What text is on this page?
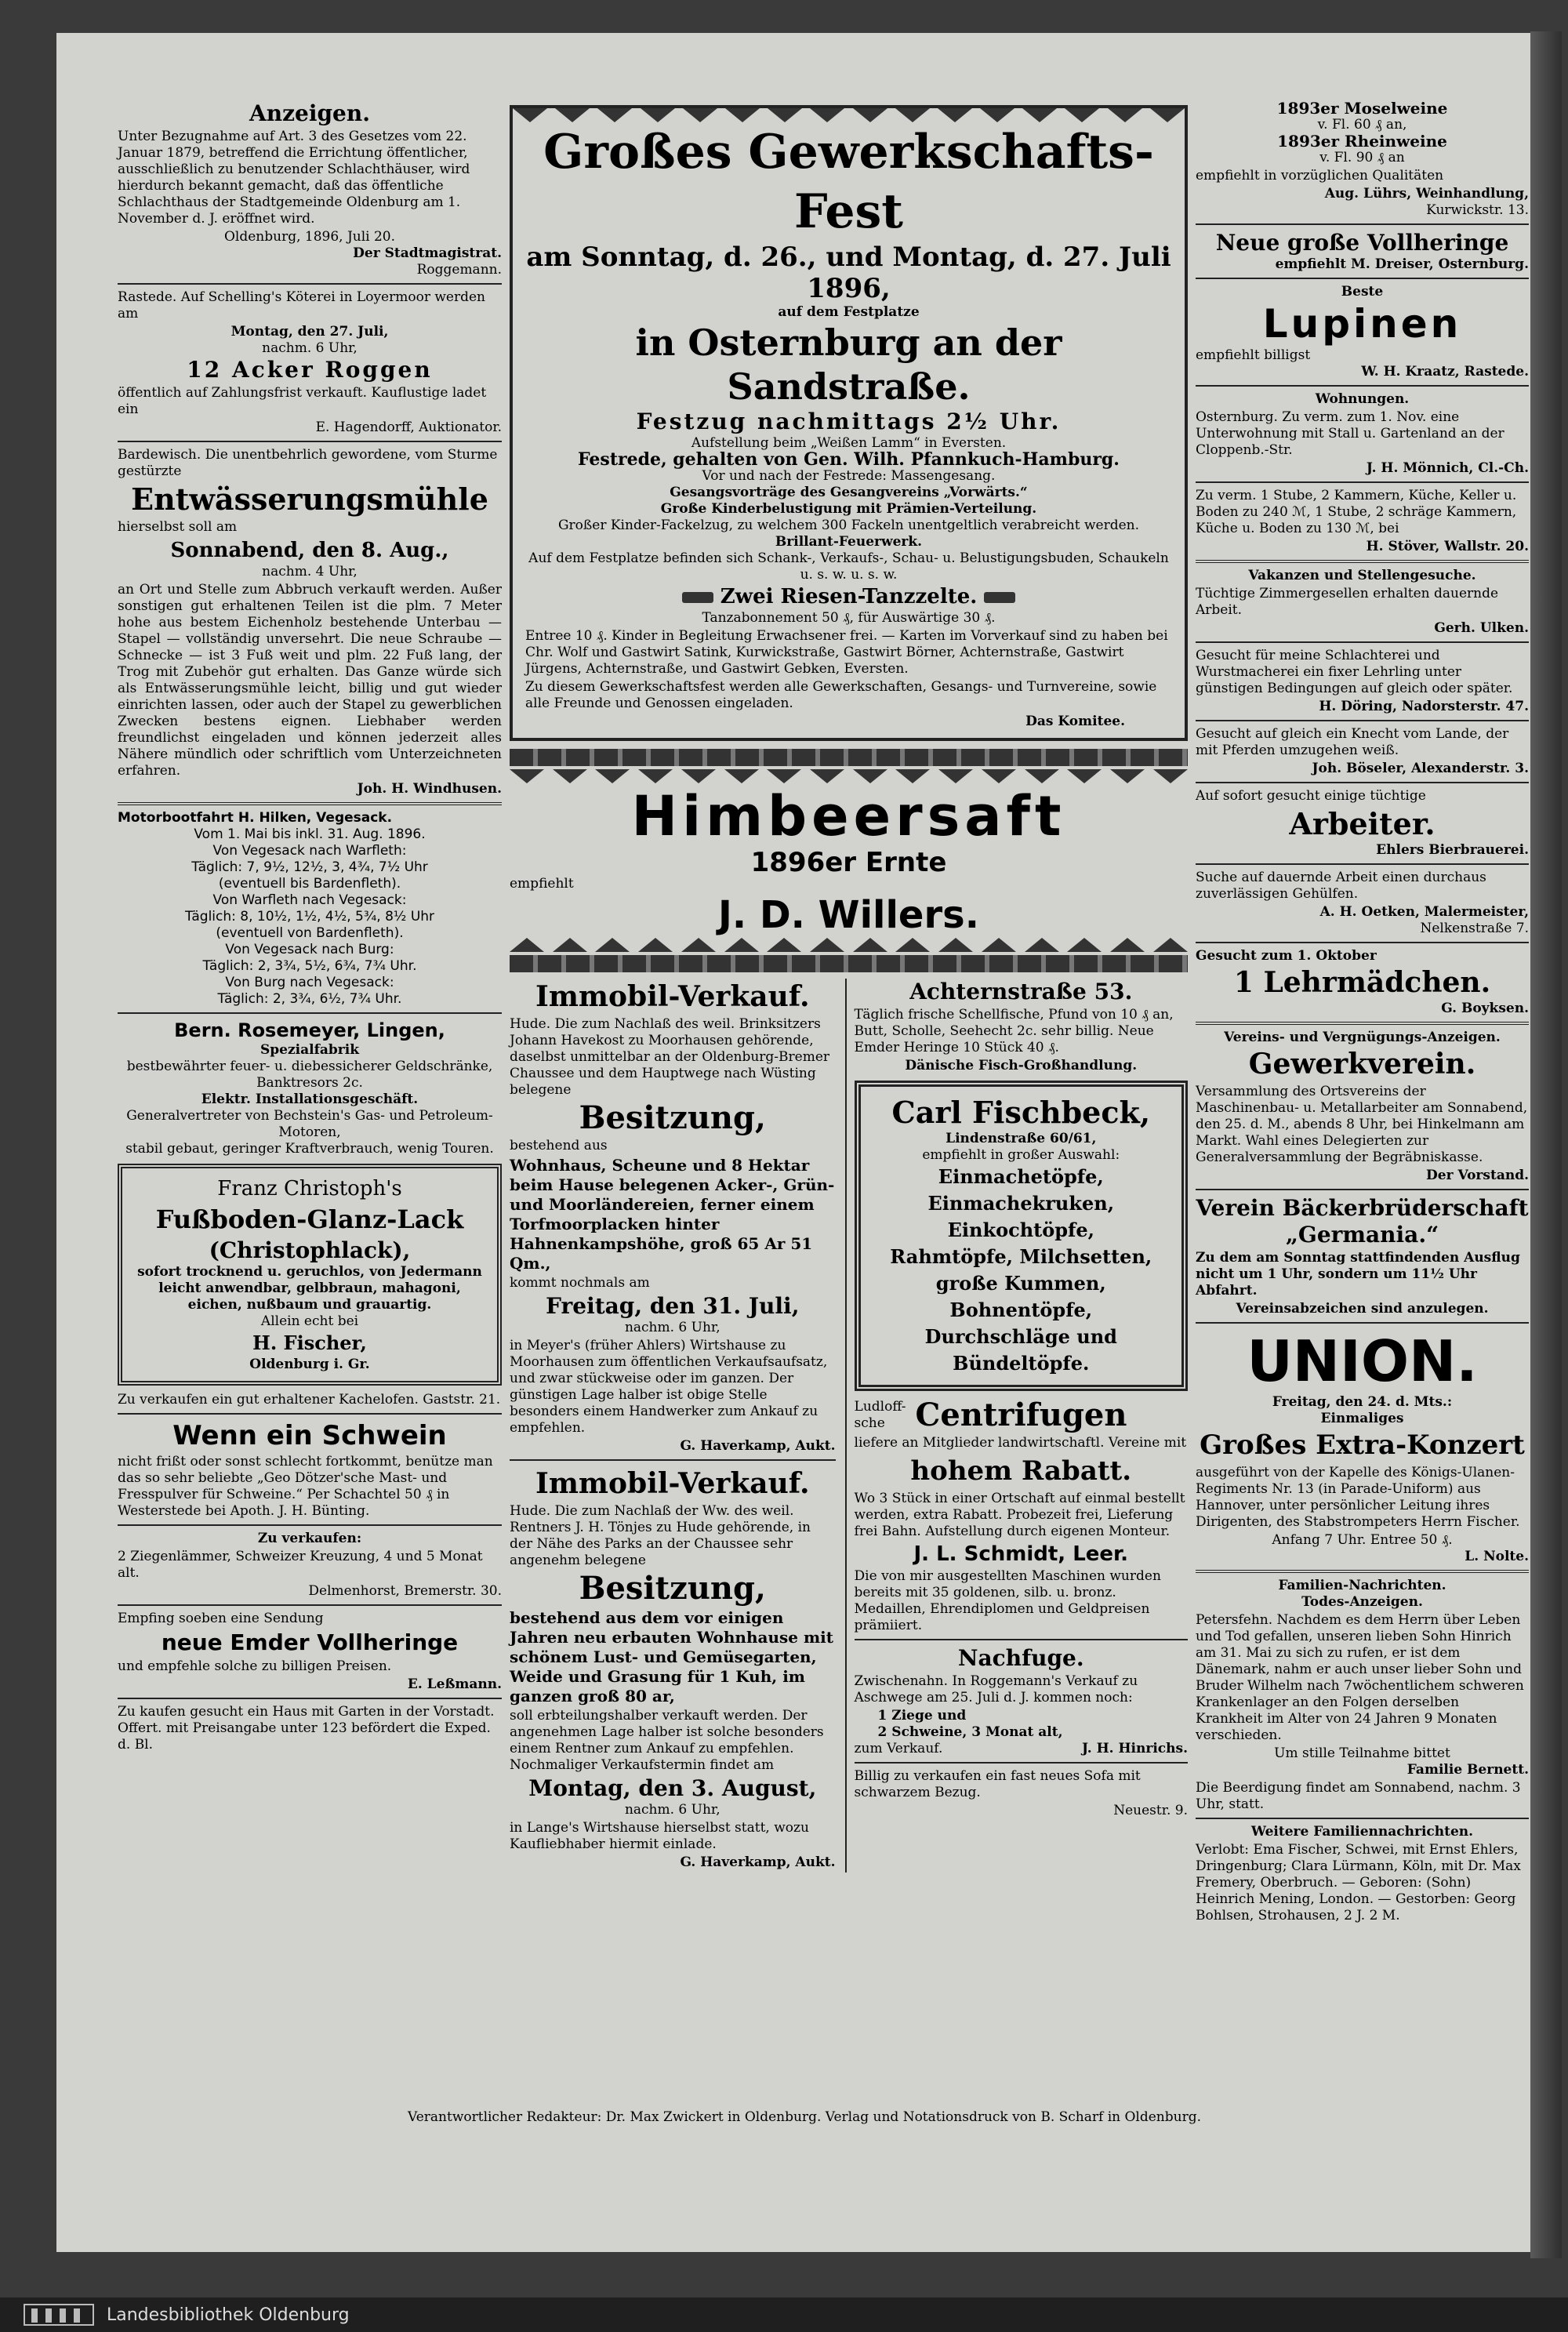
Anzeigen.
Unter Bezugnahme auf Art. 3 des Gesetzes vom 22. Januar 1879, betreffend die Errichtung öffentlicher, ausschließlich zu benutzender Schlachthäuser, wird hierdurch bekannt gemacht, daß das öffentliche Schlachthaus der Stadtgemeinde Oldenburg am 1. November d. J. eröffnet wird.
Oldenburg, 1896, Juli 20.
Der Stadtmagistrat.
Roggemann.
Rastede. Auf Schelling's Köterei in Loyermoor werden am
Montag, den 27. Juli,
nachm. 6 Uhr,
12 Acker Roggen
öffentlich auf Zahlungsfrist verkauft. Kauflustige ladet ein
E. Hagendorff, Auktionator.
Bardewisch. Die unentbehrlich gewordene, vom Sturme gestürzte
Entwässerungsmühle
hierselbst soll am
Sonnabend, den 8. Aug.,
nachm. 4 Uhr,
an Ort und Stelle zum Abbruch verkauft werden. Außer sonstigen gut erhaltenen Teilen ist die plm. 7 Meter hohe aus bestem Eichenholz bestehende Unterbau — Stapel — vollständig unversehrt. Die neue Schraube — Schnecke — ist 3 Fuß weit und plm. 22 Fuß lang, der Trog mit Zubehör gut erhalten. Das Ganze würde sich als Entwässerungsmühle leicht, billig und gut wieder einrichten lassen, oder auch der Stapel zu gewerblichen Zwecken bestens eignen. Liebhaber werden freundlichst eingeladen und können jederzeit alles Nähere mündlich oder schriftlich vom Unterzeichneten erfahren.
Joh. H. Windhusen.
Motorbootfahrt H. Hilken, Vegesack.
Vom 1. Mai bis inkl. 31. Aug. 1896.
Von Vegesack nach Warfleth:
Täglich: 7, 9½, 12½, 3, 4¾, 7½ Uhr
(eventuell bis Bardenfleth).
Von Warfleth nach Vegesack:
Täglich: 8, 10½, 1½, 4½, 5¾, 8½ Uhr
(eventuell von Bardenfleth).
Von Vegesack nach Burg:
Täglich: 2, 3¾, 5½, 6¾, 7¾ Uhr.
Von Burg nach Vegesack:
Täglich: 2, 3¾, 6½, 7¾ Uhr.
Bern. Rosemeyer, Lingen,
Spezialfabrik
bestbewährter feuer- u. diebessicherer Geldschränke, Banktresors 2c.
Elektr. Installationsgeschäft.
Generalvertreter von Bechstein's Gas- und Petroleum-Motoren,
stabil gebaut, geringer Kraftverbrauch, wenig Touren.
Franz Christoph's
Fußboden-Glanz-Lack
(Christophlack),
sofort trocknend u. geruchlos, von Jedermann leicht anwendbar, gelbbraun, mahagoni, eichen, nußbaum und grauartig.
Allein echt bei
H. Fischer,
Oldenburg i. Gr.
Zu verkaufen ein gut erhaltener Kachelofen. Gaststr. 21.
Wenn ein Schwein
nicht frißt oder sonst schlecht fortkommt, benütze man das so sehr beliebte „Geo Dötzer'sche Mast- und Fresspulver für Schweine.“ Per Schachtel 50 ₰ in Westerstede bei Apoth. J. H. Bünting.
Zu verkaufen:
2 Ziegenlämmer, Schweizer Kreuzung, 4 und 5 Monat alt.
Delmenhorst, Bremerstr. 30.
Empfing soeben eine Sendung
neue Emder Vollheringe
und empfehle solche zu billigen Preisen.
E. Leßmann.
Zu kaufen gesucht ein Haus mit Garten in der Vorstadt. Offert. mit Preisangabe unter 123 befördert die Exped. d. Bl.
Großes Gewerkschafts-Fest
am Sonntag, d. 26., und Montag, d. 27. Juli 1896,
auf dem Festplatze
in Osternburg an der Sandstraße.
Festzug nachmittags 2½ Uhr.
Aufstellung beim „Weißen Lamm“ in Eversten.
Festrede, gehalten von Gen. Wilh. Pfannkuch-Hamburg.
Vor und nach der Festrede: Massengesang.
Gesangsvorträge des Gesangvereins „Vorwärts.“
Große Kinderbelustigung mit Prämien-Verteilung.
Großer Kinder-Fackelzug, zu welchem 300 Fackeln unentgeltlich verabreicht werden.
Brillant-Feuerwerk.
Auf dem Festplatze befinden sich Schank-, Verkaufs-, Schau- u. Belustigungsbuden, Schaukeln u. s. w. u. s. w.
Zwei Riesen-Tanzzelte.
Tanzabonnement 50 ₰, für Auswärtige 30 ₰.
Entree 10 ₰. Kinder in Begleitung Erwachsener frei. — Karten im Vorverkauf sind zu haben bei Chr. Wolf und Gastwirt Satink, Kurwickstraße, Gastwirt Börner, Achternstraße, Gastwirt Jürgens, Achternstraße, und Gastwirt Gebken, Eversten.
Zu diesem Gewerkschaftsfest werden alle Gewerkschaften, Gesangs- und Turnvereine, sowie alle Freunde und Genossen eingeladen.
Das Komitee.
Himbeersaft
1896er Ernte
empfiehlt
J. D. Willers.
Immobil-Verkauf.
Hude. Die zum Nachlaß des weil. Brinksitzers Johann Havekost zu Moorhausen gehörende, daselbst unmittelbar an der Oldenburg-Bremer Chaussee und dem Hauptwege nach Wüsting belegene
Besitzung,
bestehend aus
Wohnhaus, Scheune und 8 Hektar beim Hause belegenen Acker-, Grün- und Moorländereien, ferner einem Torfmoorplacken hinter Hahnenkampshöhe, groß 65 Ar 51 Qm.,
kommt nochmals am
Freitag, den 31. Juli,
nachm. 6 Uhr,
in Meyer's (früher Ahlers) Wirtshause zu Moorhausen zum öffentlichen Verkaufsaufsatz, und zwar stückweise oder im ganzen. Der günstigen Lage halber ist obige Stelle besonders einem Handwerker zum Ankauf zu empfehlen.
G. Haverkamp, Aukt.
Immobil-Verkauf.
Hude. Die zum Nachlaß der Ww. des weil. Rentners J. H. Tönjes zu Hude gehörende, in der Nähe des Parks an der Chaussee sehr angenehm belegene
Besitzung,
bestehend aus dem vor einigen Jahren neu erbauten Wohnhause mit schönem Lust- und Gemüsegarten, Weide und Grasung für 1 Kuh, im ganzen groß 80 ar,
soll erbteilungshalber verkauft werden. Der angenehmen Lage halber ist solche besonders einem Rentner zum Ankauf zu empfehlen. Nochmaliger Verkaufstermin findet am
Montag, den 3. August,
nachm. 6 Uhr,
in Lange's Wirtshause hierselbst statt, wozu Kaufliebhaber hiermit einlade.
G. Haverkamp, Aukt.
Achternstraße 53.
Täglich frische Schellfische, Pfund von 10 ₰ an, Butt, Scholle, Seehecht 2c. sehr billig. Neue Emder Heringe 10 Stück 40 ₰.
Dänische Fisch-Großhandlung.
Carl Fischbeck,
Lindenstraße 60/61,
empfiehlt in großer Auswahl:
Einmachetöpfe,
Einmachekruken,
Einkochtöpfe,
Rahmtöpfe, Milchsetten,
große Kummen,
Bohnentöpfe,
Durchschläge und
Bündeltöpfe.
Ludloff-sche Centrifugen
liefere an Mitglieder landwirtschaftl. Vereine mit
hohem Rabatt.
Wo 3 Stück in einer Ortschaft auf einmal bestellt werden, extra Rabatt. Probezeit frei, Lieferung frei Bahn. Aufstellung durch eigenen Monteur.
J. L. Schmidt, Leer.
Die von mir ausgestellten Maschinen wurden bereits mit 35 goldenen, silb. u. bronz. Medaillen, Ehrendiplomen und Geldpreisen prämiiert.
Nachfuge.
Zwischenahn. In Roggemann's Verkauf zu Aschwege am 25. Juli d. J. kommen noch:
1 Ziege und
2 Schweine, 3 Monat alt,
zum Verkauf.	J. H. Hinrichs.
Billig zu verkaufen ein fast neues Sofa mit schwarzem Bezug.
Neuestr. 9.
1893er Moselweine
v. Fl. 60 ₰ an,
1893er Rheinweine
v. Fl. 90 ₰ an
empfiehlt in vorzüglichen Qualitäten
Aug. Lührs, Weinhandlung,
Kurwickstr. 13.
Neue große Vollheringe
empfiehlt M. Dreiser, Osternburg.
Beste
Lupinen
empfiehlt billigst
W. H. Kraatz, Rastede.
Wohnungen.
Osternburg. Zu verm. zum 1. Nov. eine Unterwohnung mit Stall u. Gartenland an der Cloppenb.-Str.
J. H. Mönnich, Cl.-Ch.
Zu verm. 1 Stube, 2 Kammern, Küche, Keller u. Boden zu 240 ℳ, 1 Stube, 2 schräge Kammern, Küche u. Boden zu 130 ℳ, bei
H. Stöver, Wallstr. 20.
Vakanzen und Stellengesuche.
Tüchtige Zimmergesellen erhalten dauernde Arbeit.
Gerh. Ulken.
Gesucht für meine Schlachterei und Wurstmacherei ein fixer Lehrling unter günstigen Bedingungen auf gleich oder später.
H. Döring, Nadorsterstr. 47.
Gesucht auf gleich ein Knecht vom Lande, der mit Pferden umzugehen weiß.
Joh. Böseler, Alexanderstr. 3.
Auf sofort gesucht einige tüchtige
Arbeiter.
Ehlers Bierbrauerei.
Suche auf dauernde Arbeit einen durchaus zuverlässigen Gehülfen.
A. H. Oetken, Malermeister,
Nelkenstraße 7.
Gesucht zum 1. Oktober
1 Lehrmädchen.
G. Boyksen.
Vereins- und Vergnügungs-Anzeigen.
Gewerkverein.
Versammlung des Ortsvereins der Maschinenbau- u. Metallarbeiter am Sonnabend, den 25. d. M., abends 8 Uhr, bei Hinkelmann am Markt. Wahl eines Delegierten zur Generalversammlung der Begräbniskasse.
Der Vorstand.
Verein Bäckerbrüderschaft
„Germania.“
Zu dem am Sonntag stattfindenden Ausflug nicht um 1 Uhr, sondern um 11½ Uhr Abfahrt.
Vereinsabzeichen sind anzulegen.
UNION.
Freitag, den 24. d. Mts.:
Einmaliges
Großes Extra-Konzert
ausgeführt von der Kapelle des Königs-Ulanen-Regiments Nr. 13 (in Parade-Uniform) aus Hannover, unter persönlicher Leitung ihres Dirigenten, des Stabstrompeters Herrn Fischer.
Anfang 7 Uhr. Entree 50 ₰.
L. Nolte.
Familien-Nachrichten.
Todes-Anzeigen.
Petersfehn. Nachdem es dem Herrn über Leben und Tod gefallen, unseren lieben Sohn Hinrich am 31. Mai zu sich zu rufen, er ist dem Dänemark, nahm er auch unser lieber Sohn und Bruder Wilhelm nach 7wöchentlichem schweren Krankenlager an den Folgen derselben Krankheit im Alter von 24 Jahren 9 Monaten verschieden.
Um stille Teilnahme bittet
Familie Bernett.
Die Beerdigung findet am Sonnabend, nachm. 3 Uhr, statt.
Weitere Familiennachrichten.
Verlobt: Ema Fischer, Schwei, mit Ernst Ehlers, Dringenburg; Clara Lürmann, Köln, mit Dr. Max Fremery, Oberbruch. — Geboren: (Sohn) Heinrich Mening, London. — Gestorben: Georg Bohlsen, Strohausen, 2 J. 2 M.
Verantwortlicher Redakteur: Dr. Max Zwickert in Oldenburg. Verlag und Notationsdruck von B. Scharf in Oldenburg.
Landesbibliothek Oldenburg
